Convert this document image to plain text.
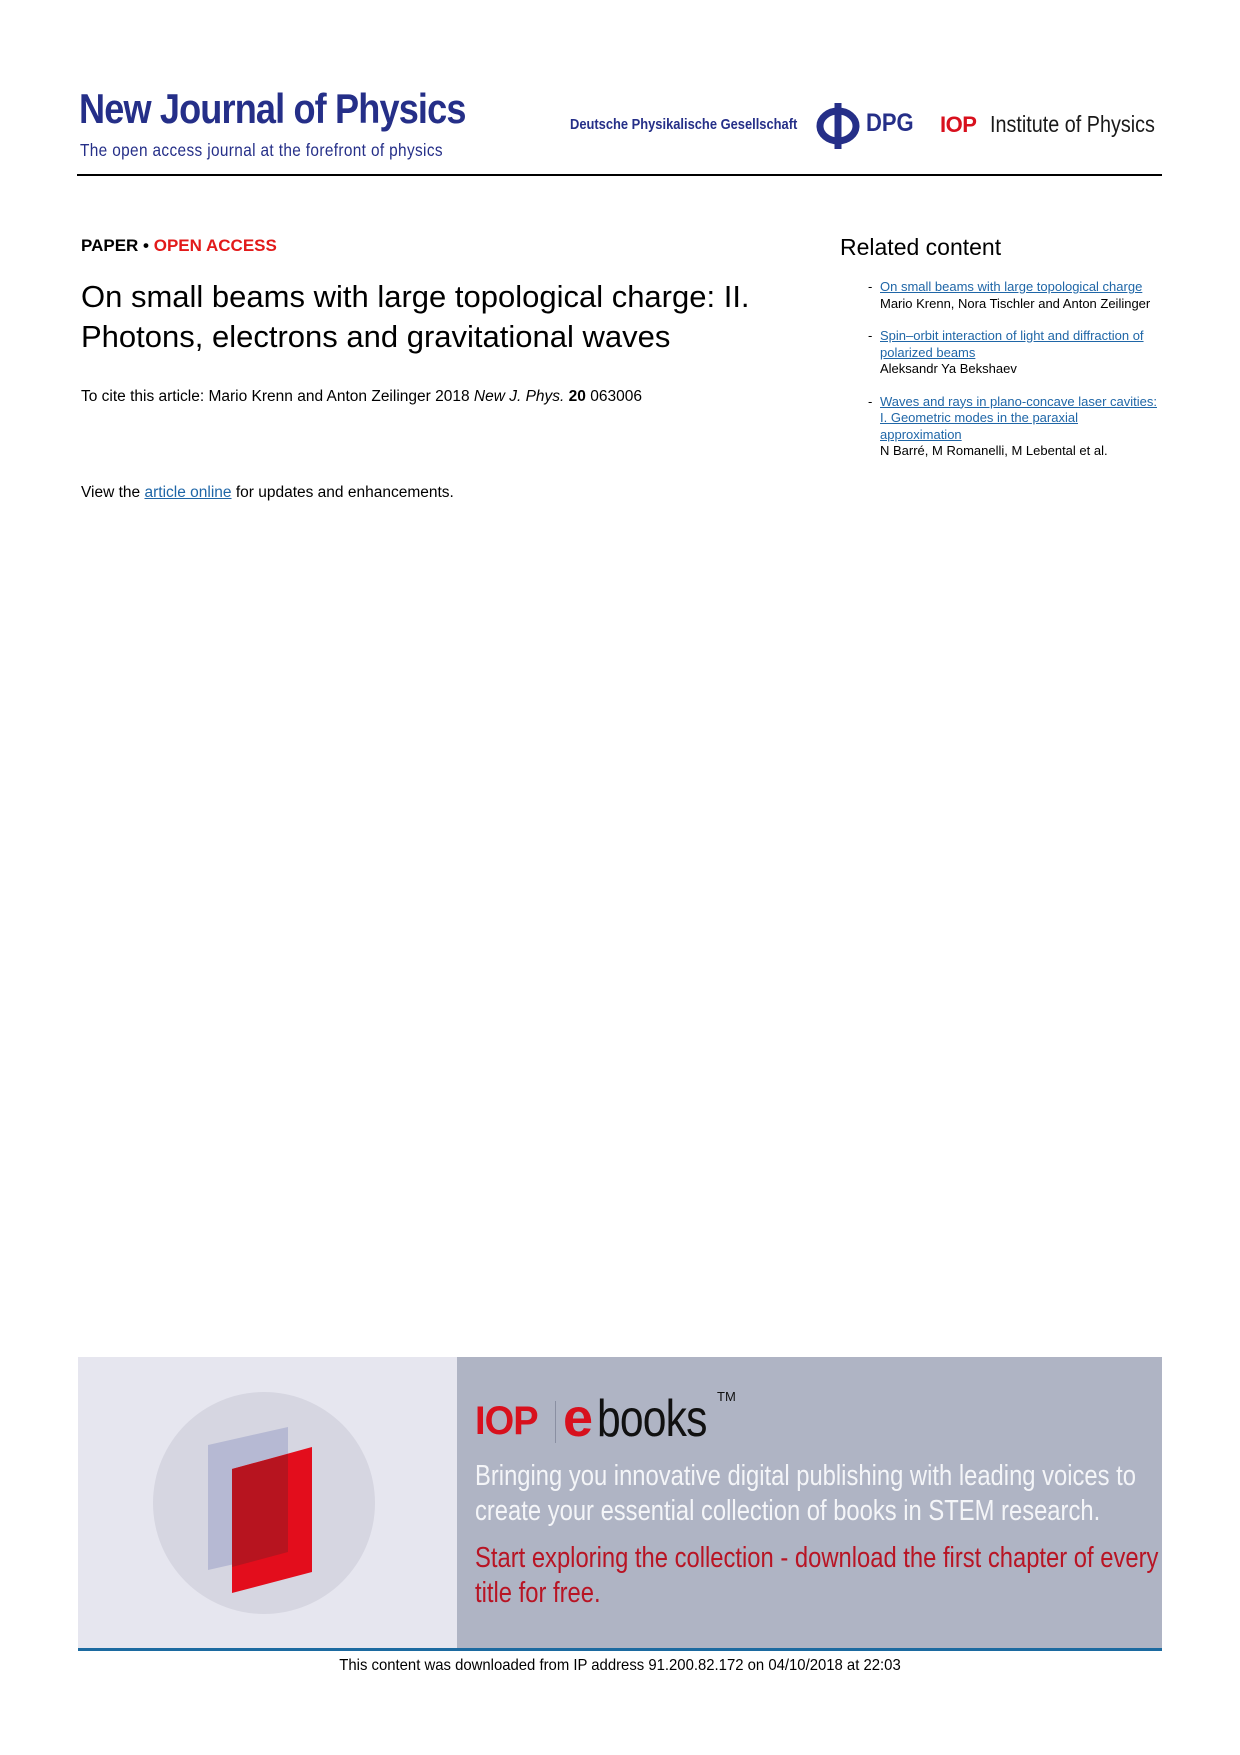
New Journal of Physics
The open access journal at the forefront of physics
Deutsche Physikalische Gesellschaft	DPG IOP Institute of Physics
PAPER • OPEN ACCESS
On small beams with large topological charge: II. Photons, electrons and gravitational waves
To cite this article: Mario Krenn and Anton Zeilinger 2018 New J. Phys. 20 063006
View the article online for updates and enhancements.
Related content
- On small beams with large topological charge
Mario Krenn, Nora Tischler and Anton Zeilinger
- Spin–orbit interaction of light and diffraction of polarized beams
Aleksandr Ya Bekshaev
- Waves and rays in plano-concave laser cavities: I. Geometric modes in the paraxial approximation
N Barré, M Romanelli, M Lebental et al.
IOP e books TM
Bringing you innovative digital publishing with leading voices to create your essential collection of books in STEM research.
Start exploring the collection - download the first chapter of every title for free.
This content was downloaded from IP address 91.200.82.172 on 04/10/2018 at 22:03
